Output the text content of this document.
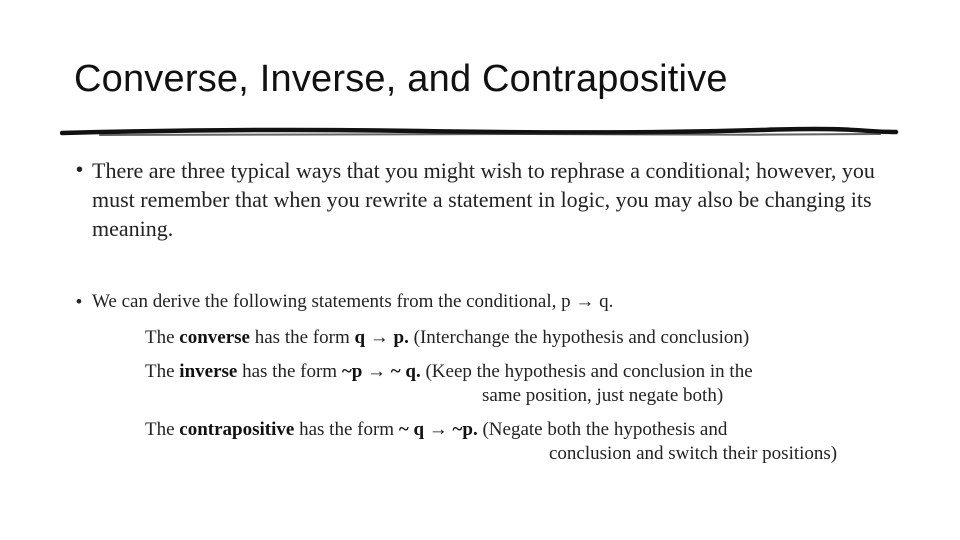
Converse, Inverse, and Contrapositive
• There are three typical ways that you might wish to rephrase a conditional; however, you must remember that when you rewrite a statement in logic, you may also be changing its meaning.
• We can derive the following statements from the conditional, p → q.
The converse has the form q → p. (Interchange the hypothesis and conclusion)
The inverse has the form ~p → ~ q. (Keep the hypothesis and conclusion in the
same position, just negate both)
The contrapositive has the form ~ q → ~p. (Negate both the hypothesis and
conclusion and switch their positions)
